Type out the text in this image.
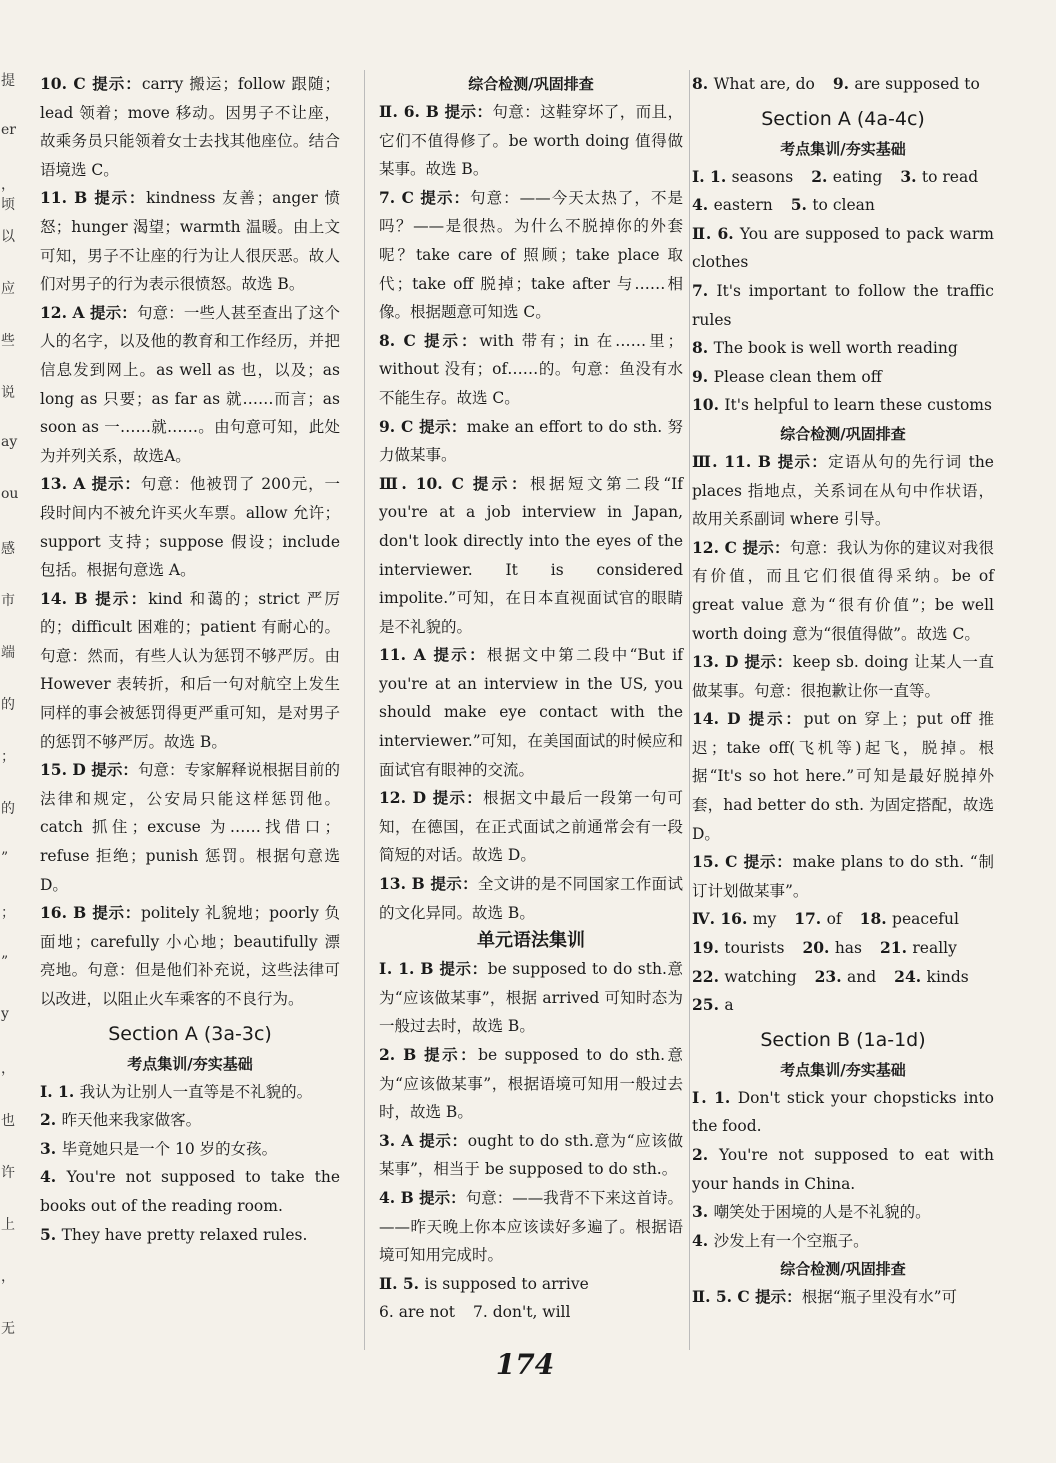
提
er
，顷
以
应
些
说
ay
ou
感
市
端
的
；
的
”
；
”
y
，
也
许
上
，
无
10. C 提示：carry 搬运；follow 跟随；lead 领着；move 移动。因男子不让座，故乘务员只能领着女士去找其他座位。结合语境选 C。
11. B 提示：kindness 友善；anger 愤怒；hunger 渴望；warmth 温暖。由上文可知，男子不让座的行为让人很厌恶。故人们对男子的行为表示很愤怒。故选 B。
12. A 提示：句意：一些人甚至查出了这个人的名字，以及他的教育和工作经历，并把信息发到网上。as well as 也，以及；as long as 只要；as far as 就……而言；as soon as 一……就……。由句意可知，此处为并列关系，故选A。
13. A 提示：句意：他被罚了 200元，一段时间内不被允许买火车票。allow 允许；support 支持；suppose 假设；include 包括。根据句意选 A。
14. B 提示：kind 和蔼的；strict 严厉的；difficult 困难的；patient 有耐心的。句意：然而，有些人认为惩罚不够严厉。由 However 表转折，和后一句对航空上发生同样的事会被惩罚得更严重可知，是对男子的惩罚不够严厉。故选 B。
15. D 提示：句意：专家解释说根据目前的法律和规定，公安局只能这样惩罚他。catch 抓住；excuse 为……找借口；refuse 拒绝；punish 惩罚。根据句意选 D。
16. B 提示：politely 礼貌地；poorly 负面地；carefully 小心地；beautifully 漂亮地。句意：但是他们补充说，这些法律可以改进，以阻止火车乘客的不良行为。
Section A (3a-3c)
考点集训/夯实基础
Ⅰ. 1. 我认为让别人一直等是不礼貌的。
2. 昨天他来我家做客。
3. 毕竟她只是一个 10 岁的女孩。
4. You're not supposed to take the books out of the reading room.
5. They have pretty relaxed rules.
综合检测/巩固排查
Ⅱ. 6. B 提示：句意：这鞋穿坏了，而且，它们不值得修了。be worth doing 值得做某事。故选 B。
7. C 提示：句意：——今天太热了，不是吗？——是很热。为什么不脱掉你的外套呢？take care of 照顾；take place 取代；take off 脱掉；take after 与……相像。根据题意可知选 C。
8. C 提示：with 带有；in 在……里；without 没有；of……的。句意：鱼没有水不能生存。故选 C。
9. C 提示：make an effort to do sth. 努力做某事。
Ⅲ. 10. C 提示：根据短文第二段“If you're at a job interview in Japan, don't look directly into the eyes of the interviewer. It is considered impolite.”可知，在日本直视面试官的眼睛是不礼貌的。
11. A 提示：根据文中第二段中“But if you're at an interview in the US, you should make eye contact with the interviewer.”可知，在美国面试的时候应和面试官有眼神的交流。
12. D 提示：根据文中最后一段第一句可知，在德国，在正式面试之前通常会有一段简短的对话。故选 D。
13. B 提示：全文讲的是不同国家工作面试的文化异同。故选 B。
单元语法集训
Ⅰ. 1. B 提示：be supposed to do sth.意为“应该做某事”，根据 arrived 可知时态为一般过去时，故选 B。
2. B 提示：be supposed to do sth.意为“应该做某事”，根据语境可知用一般过去时，故选 B。
3. A 提示：ought to do sth.意为“应该做某事”，相当于 be supposed to do sth.。
4. B 提示：句意：——我背不下来这首诗。——昨天晚上你本应该读好多遍了。根据语境可知用完成时。
Ⅱ. 5. is supposed to arrive
6. are not 7. don't, will
8. What are, do 9. are supposed to
Section A (4a-4c)
考点集训/夯实基础
Ⅰ. 1. seasons 2. eating 3. to read
4. eastern 5. to clean
Ⅱ. 6. You are supposed to pack warm clothes
7. It's important to follow the traffic rules
8. The book is well worth reading
9. Please clean them off
10. It's helpful to learn these customs
综合检测/巩固排查
Ⅲ. 11. B 提示：定语从句的先行词 the places 指地点，关系词在从句中作状语，故用关系副词 where 引导。
12. C 提示：句意：我认为你的建议对我很有价值，而且它们很值得采纳。be of great value 意为“很有价值”；be well worth doing 意为“很值得做”。故选 C。
13. D 提示：keep sb. doing 让某人一直做某事。句意：很抱歉让你一直等。
14. D 提示：put on 穿上；put off 推迟；take off(飞机等)起飞，脱掉。根据“It's so hot here.”可知是最好脱掉外套，had better do sth. 为固定搭配，故选 D。
15. C 提示：make plans to do sth. “制订计划做某事”。
Ⅳ. 16. my 17. of 18. peaceful
19. tourists 20. has 21. really
22. watching 23. and 24. kinds
25. a
Section B (1a-1d)
考点集训/夯实基础
Ⅰ. 1. Don't stick your chopsticks into the food.
2. You're not supposed to eat with your hands in China.
3. 嘲笑处于困境的人是不礼貌的。
4. 沙发上有一个空瓶子。
综合检测/巩固排查
Ⅱ. 5. C 提示：根据“瓶子里没有水”可
174
